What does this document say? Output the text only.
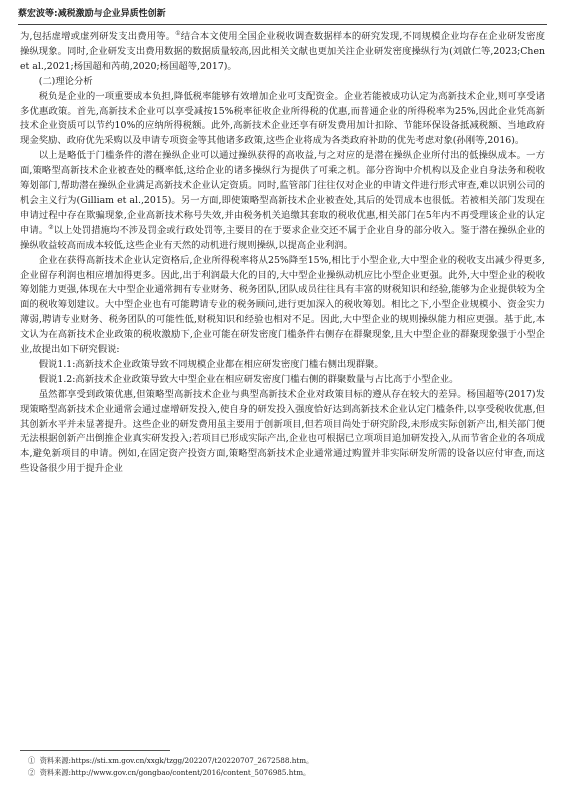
蔡宏波等:减税激励与企业异质性创新

为,包括虚增或虚列研发支出费用等。①结合本文使用全国企业税收调查数据样本的研究发现,不同规模企业均存在企业研发密度操纵现象。同时,企业研发支出费用数据的数据质量较高,因此相关文献也更加关注企业研发密度操纵行为(刘啟仁等,2023;Chen et al.,2021;杨国超和芮萌,2020;杨国超等,2017)。

(二)理论分析

税负是企业的一项重要成本负担,降低税率能够有效增加企业可支配资金。企业若能被成功认定为高新技术企业,则可享受诸多优惠政策。首先,高新技术企业可以享受减按15%税率征收企业所得税的优惠,而普通企业的所得税率为25%,因此企业凭高新技术企业资质可以节约10%的应纳所得税额。此外,高新技术企业还享有研发费用加计扣除、节能环保设备抵减税额、当地政府现金奖励、政府优先采购以及申请专项资金等其他诸多政策,这些企业将成为各类政府补助的优先考虑对象(孙刚等,2016)。

以上是略低于门槛条件的潜在操纵企业可以通过操纵获得的高收益,与之对应的是潜在操纵企业所付出的低操纵成本。一方面,策略型高新技术企业被查处的概率低,这给企业的诸多操纵行为提供了可乘之机。部分咨询中介机构以及企业自身法务和税收筹划部门,帮助潜在操纵企业满足高新技术企业认定资质。同时,监管部门往往仅对企业的申请文件进行形式审查,难以识别公司的机会主义行为(Gilliam et al.,2015)。另一方面,即使策略型高新技术企业被查处,其后的处罚成本也很低。若被相关部门发现在申请过程中存在欺骗现象,企业高新技术称号失效,并由税务机关追缴其套取的税收优惠,相关部门在5年内不再受理该企业的认定申请。②以上处罚措施均不涉及罚金或行政处罚等,主要目的在于要求企业交还不属于企业自身的部分收入。鉴于潜在操纵企业的操纵收益较高而成本较低,这些企业有天然的动机进行规则操纵,以提高企业利润。

企业在获得高新技术企业认定资格后,企业所得税率将从25%降至15%,相比于小型企业,大中型企业的税收支出减少得更多,企业留存利润也相应增加得更多。因此,出于利润最大化的目的,大中型企业操纵动机应比小型企业更强。此外,大中型企业的税收筹划能力更强,体现在大中型企业通常拥有专业财务、税务团队,团队成员往往具有丰富的财税知识和经验,能够为企业提供较为全面的税收筹划建议。大中型企业也有可能聘请专业的税务顾问,进行更加深入的税收筹划。相比之下,小型企业规模小、资金实力薄弱,聘请专业财务、税务团队的可能性低,财税知识和经验也相对不足。因此,大中型企业的规则操纵能力相应更强。基于此,本文认为在高新技术企业政策的税收激励下,企业可能在研发密度门槛条件右侧存在群聚现象,且大中型企业的群聚现象强于小型企业,故提出如下研究假说:

假说1.1:高新技术企业政策导致不同规模企业都在相应研发密度门槛右侧出现群聚。

假说1.2:高新技术企业政策导致大中型企业在相应研发密度门槛右侧的群聚数量与占比高于小型企业。

虽然都享受到政策优惠,但策略型高新技术企业与典型高新技术企业对政策目标的遵从存在较大的差异。杨国超等(2017)发现策略型高新技术企业通常会通过虚增研发投入,使自身的研发投入强度恰好达到高新技术企业认定门槛条件,以享受税收优惠,但其创新水平并未显著提升。这些企业的研发费用虽主要用于创新项目,但若项目尚处于研究阶段,未形成实际创新产出,相关部门便无法根据创新产出倒推企业真实研发投入;若项目已形成实际产出,企业也可根据已立项项目追加研发投入,从而节省企业的各项成本,避免新项目的申请。例如,在固定资产投资方面,策略型高新技术企业通常通过购置并非实际研发所需的设备以应付审查,而这些设备很少用于提升企业

① 资料来源:https://sti.xm.gov.cn/xxgk/tzgg/202207/t20220707_2672588.htm。
② 资料来源:http://www.gov.cn/gongbao/content/2016/content_5076985.htm。
